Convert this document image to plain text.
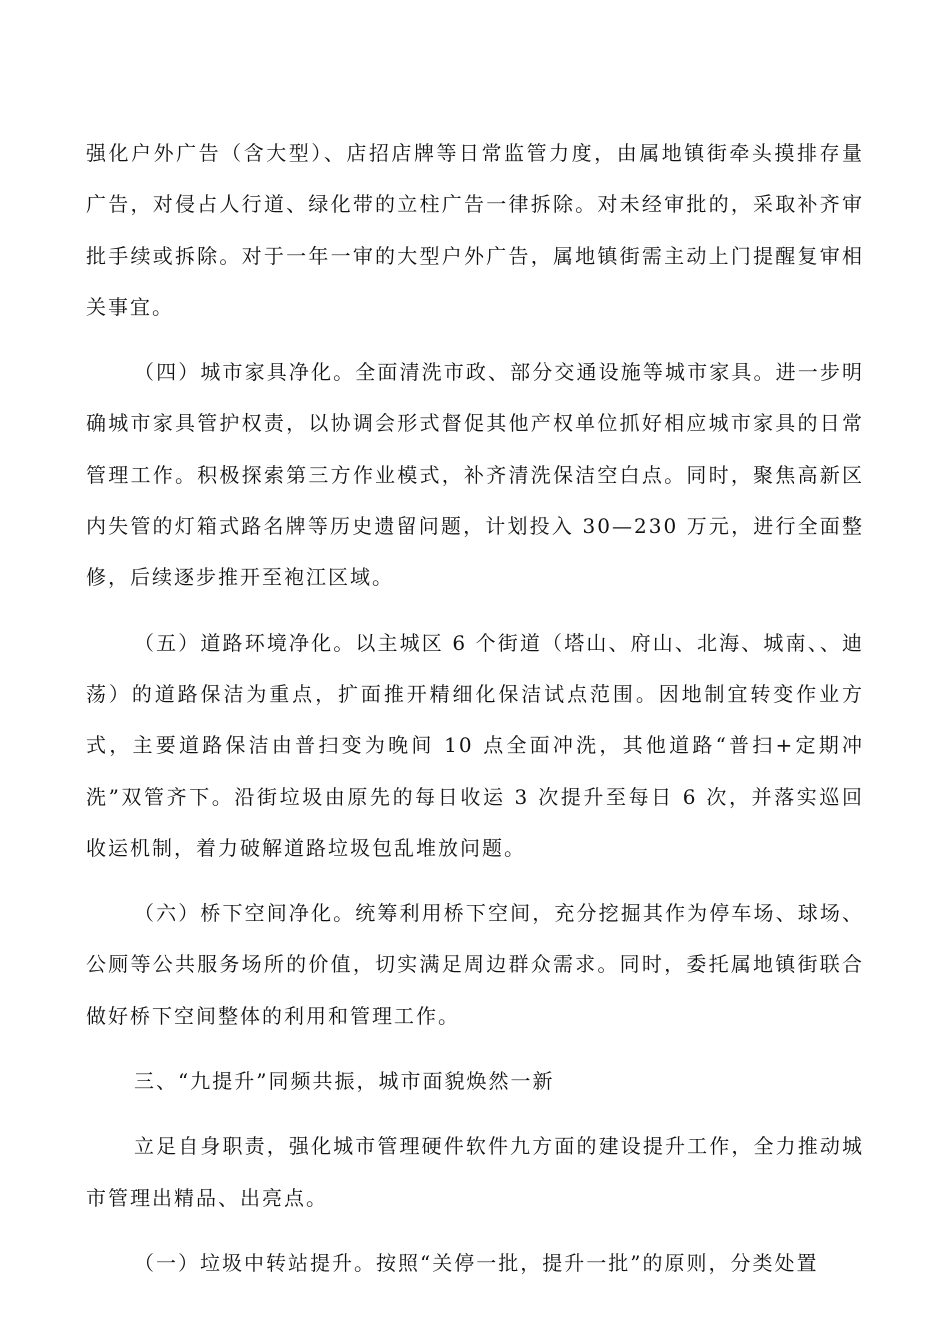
强化户外广告（含大型）、店招店牌等日常监管力度，由属地镇街牵头摸排存量广告，对侵占人行道、绿化带的立柱广告一律拆除。对未经审批的，采取补齐审批手续或拆除。对于一年一审的大型户外广告，属地镇街需主动上门提醒复审相关事宜。

（四）城市家具净化。全面清洗市政、部分交通设施等城市家具。进一步明确城市家具管护权责，以协调会形式督促其他产权单位抓好相应城市家具的日常管理工作。积极探索第三方作业模式，补齐清洗保洁空白点。同时，聚焦高新区内失管的灯箱式路名牌等历史遗留问题，计划投入 30—230 万元，进行全面整修，后续逐步推开至袍江区域。

（五）道路环境净化。以主城区 6 个街道（塔山、府山、北海、城南、、迪荡）的道路保洁为重点，扩面推开精细化保洁试点范围。因地制宜转变作业方式，主要道路保洁由普扫变为晚间 10 点全面冲洗，其他道路“普扫+定期冲洗”双管齐下。沿街垃圾由原先的每日收运 3 次提升至每日 6 次，并落实巡回收运机制，着力破解道路垃圾包乱堆放问题。

（六）桥下空间净化。统筹利用桥下空间，充分挖掘其作为停车场、球场、公厕等公共服务场所的价值，切实满足周边群众需求。同时，委托属地镇街联合做好桥下空间整体的利用和管理工作。

三、“九提升”同频共振，城市面貌焕然一新

立足自身职责，强化城市管理硬件软件九方面的建设提升工作，全力推动城市管理出精品、出亮点。

（一）垃圾中转站提升。按照“关停一批，提升一批”的原则，分类处置
